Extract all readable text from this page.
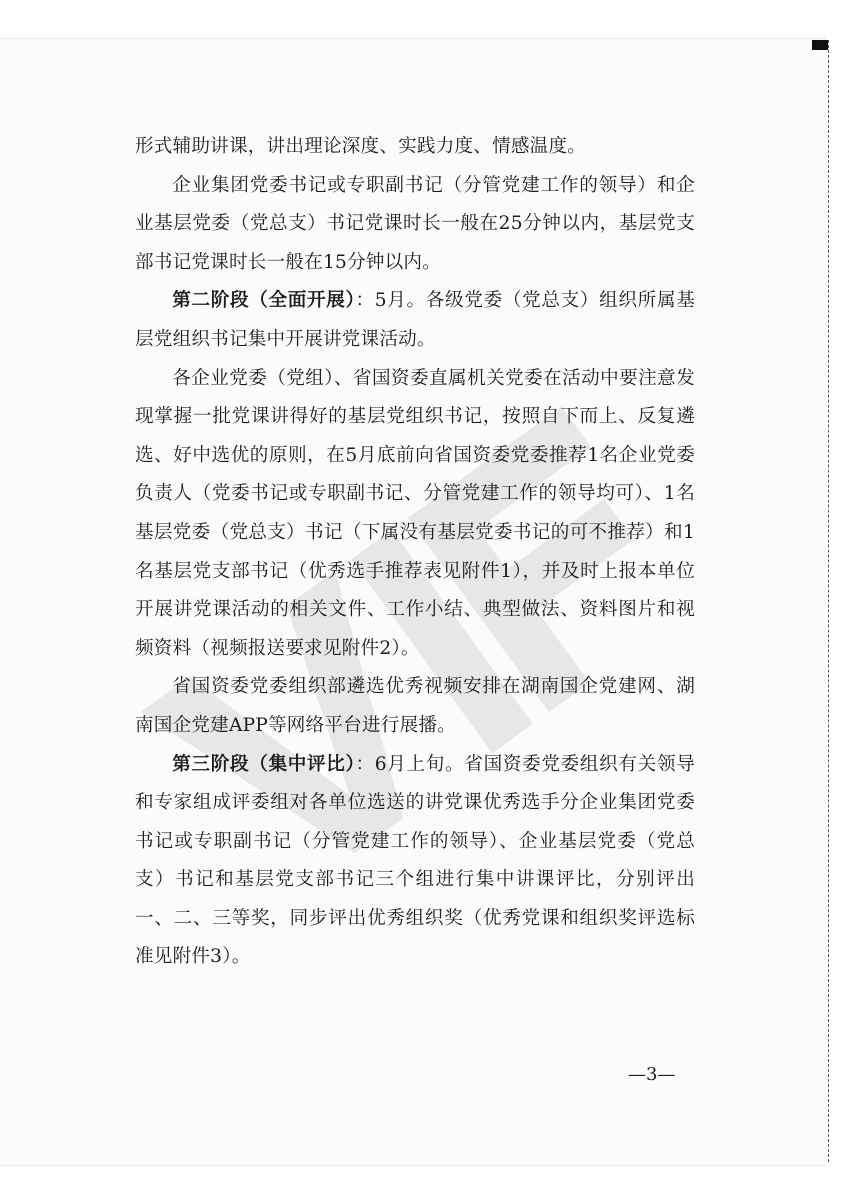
形式辅助讲课，讲出理论深度、实践力度、情感温度。

企业集团党委书记或专职副书记（分管党建工作的领导）和企业基层党委（党总支）书记党课时长一般在25分钟以内，基层党支部书记党课时长一般在15分钟以内。

第二阶段（全面开展）：5月。各级党委（党总支）组织所属基层党组织书记集中开展讲党课活动。

各企业党委（党组）、省国资委直属机关党委在活动中要注意发现掌握一批党课讲得好的基层党组织书记，按照自下而上、反复遴选、好中选优的原则，在5月底前向省国资委党委推荐1名企业党委负责人（党委书记或专职副书记、分管党建工作的领导均可）、1名基层党委（党总支）书记（下属没有基层党委书记的可不推荐）和1名基层党支部书记（优秀选手推荐表见附件1），并及时上报本单位开展讲党课活动的相关文件、工作小结、典型做法、资料图片和视频资料（视频报送要求见附件2）。

省国资委党委组织部遴选优秀视频安排在湖南国企党建网、湖南国企党建APP等网络平台进行展播。

第三阶段（集中评比）：6月上旬。省国资委党委组织有关领导和专家组成评委组对各单位选送的讲党课优秀选手分企业集团党委书记或专职副书记（分管党建工作的领导）、企业基层党委（党总支）书记和基层党支部书记三个组进行集中讲课评比，分别评出一、二、三等奖，同步评出优秀组织奖（优秀党课和组织奖评选标准见附件3）。

—3—
